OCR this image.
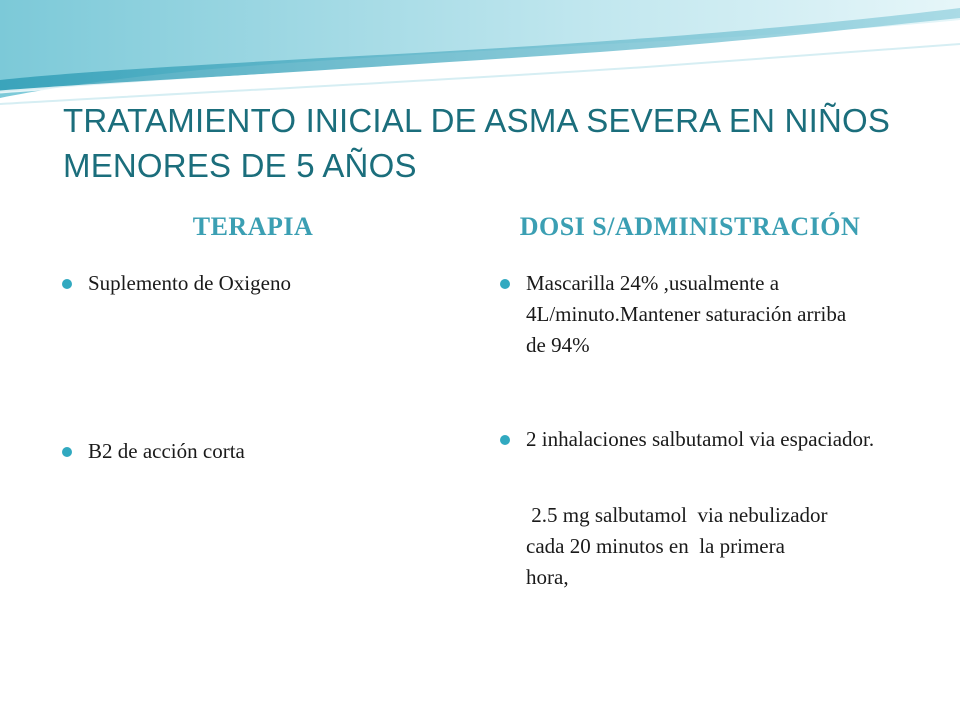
TRATAMIENTO INICIAL DE ASMA SEVERA EN NIÑOS MENORES DE 5 AÑOS
TERAPIA	DOSI S/ADMINISTRACIÓN
Suplemento de Oxigeno
B2 de acción corta
Mascarilla 24% ,usualmente a 4L/minuto.Mantener saturación arriba de 94%
2 inhalaciones salbutamol via espaciador.
2.5 mg salbutamol  via nebulizador cada 20 minutos en  la primera hora,
